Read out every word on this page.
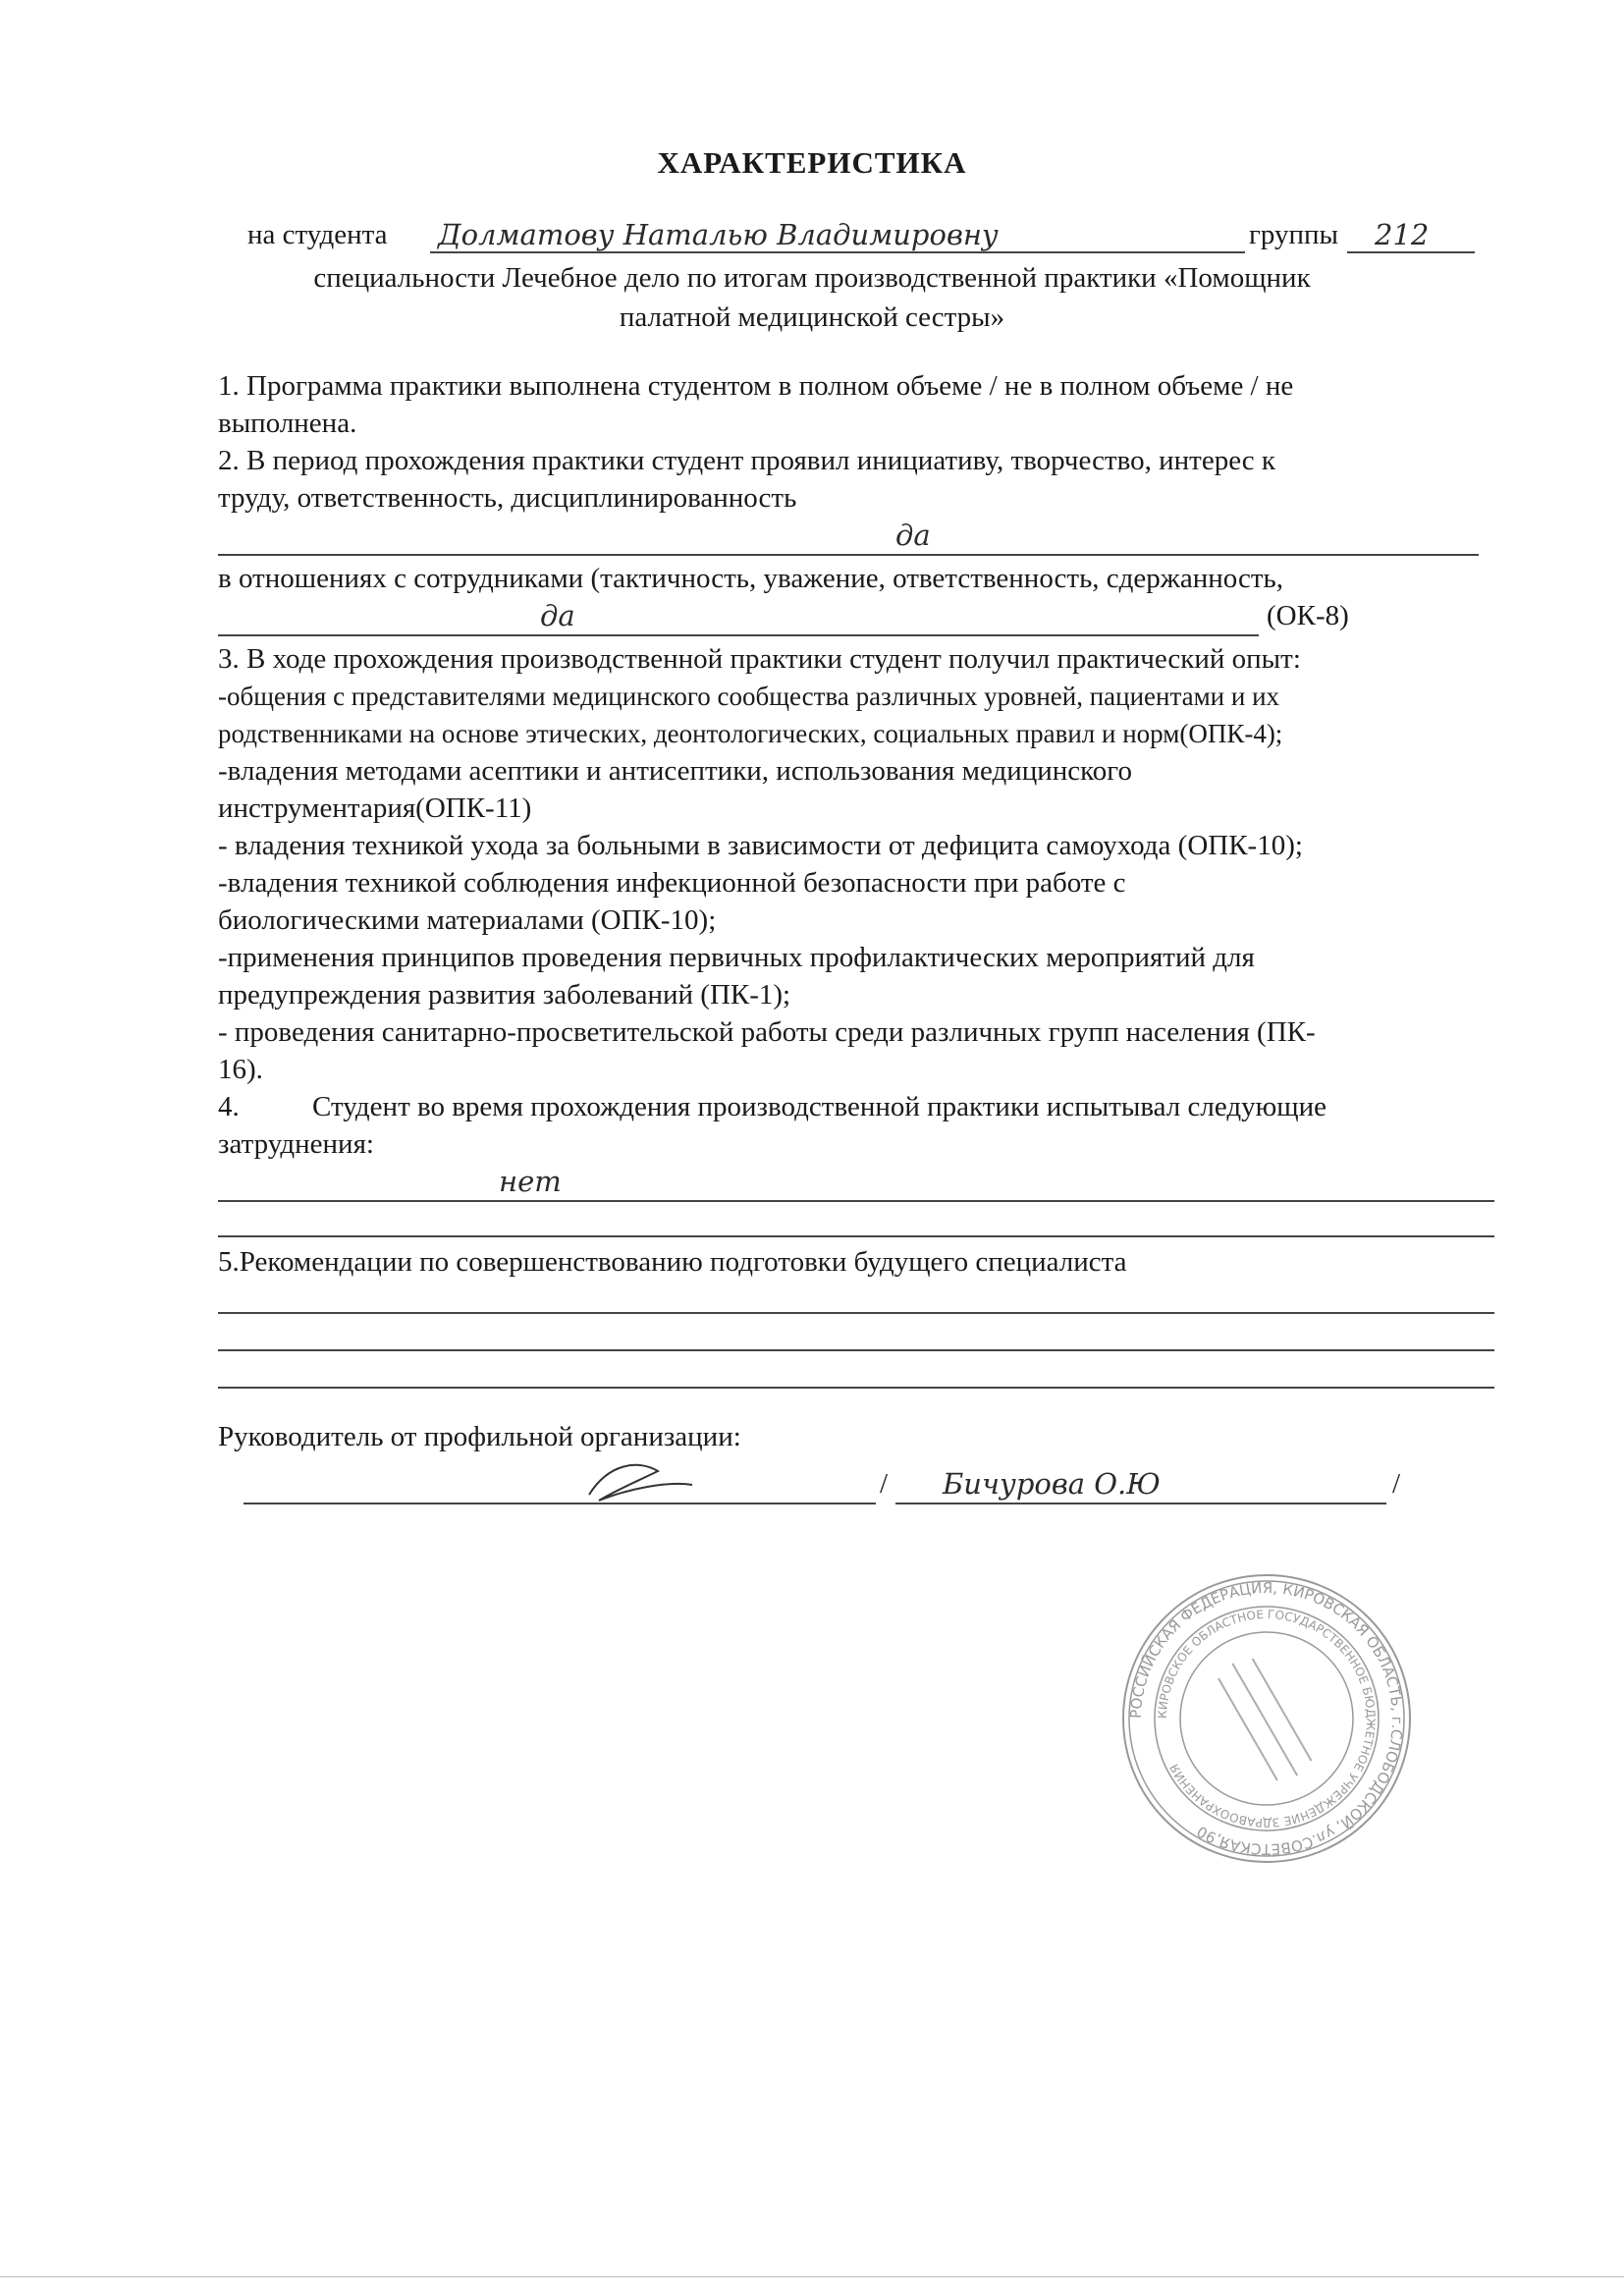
ХАРАКТЕРИСТИКА
на студента Долматову Наталью Владимировну	группы 212
специальности Лечебное дело по итогам производственной практики «Помощник
палатной медицинской сестры»
1. Программа практики выполнена студентом в полном объеме / не в полном объеме / не
выполнена.
2. В период прохождения практики студент проявил инициативу, творчество, интерес к
труду, ответственность, дисциплинированность
да
в отношениях с сотрудниками (тактичность, уважение, ответственность, сдержанность,
да	(ОК-8)
3. В ходе прохождения производственной практики студент получил практический опыт:
-общения с представителями медицинского сообщества различных уровней, пациентами и их
родственниками на основе этических, деонтологических, социальных правил и норм(ОПК-4);
-владения методами асептики и антисептики, использования медицинского
инструментария(ОПК-11)
- владения техникой ухода за больными в зависимости от дефицита самоухода (ОПК-10);
-владения техникой соблюдения инфекционной безопасности при работе с
биологическими материалами (ОПК-10);
-применения принципов проведения первичных профилактических мероприятий для
предупреждения развития заболеваний (ПК-1);
- проведения санитарно-просветительской работы среди различных групп населения (ПК-
16).
4.	Студент во время прохождения производственной практики испытывал следующие
затруднения:
нет
5.Рекомендации по совершенствованию подготовки будущего специалиста
Руководитель от профильной организации:
/ Бичурова О.Ю	/
РОССИЙСКАЯ ФЕДЕРАЦИЯ, КИРОВСКАЯ ОБЛАСТЬ, г.СЛОБОДСКОЙ, ул.СОВЕТСКАЯ,90
КИРОВСКОЕ ОБЛАСТНОЕ ГОСУДАРСТВЕННОЕ БЮДЖЕТНОЕ УЧРЕЖДЕНИЕ ЗДРАВООХРАНЕНИЯ
